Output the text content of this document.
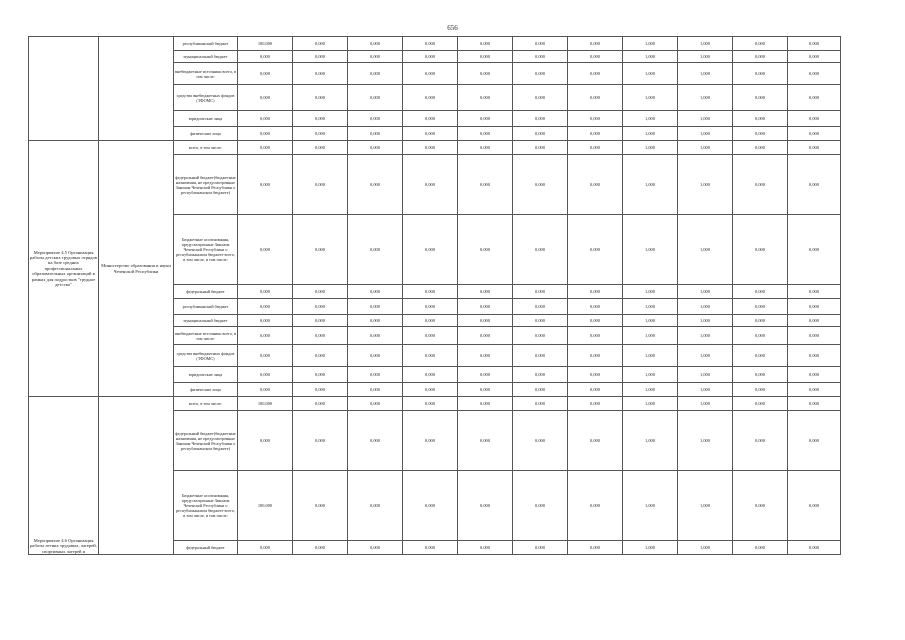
656
		республиканский бюджет	100,000	0,000	0,000	0,000	0,000	0,000	0,000	1,000	1,000	0,000	0,000
		муниципальный бюджет	0,000	0,000	0,000	0,000	0,000	0,000	0,000	1,000	1,000	0,000	0,000
		внебюджетные источники всего, в том числе:	0,000	0,000	0,000	0,000	0,000	0,000	0,000	1,000	1,000	0,000	0,000
		средства внебюджетных фондов (ТФОМС)	0,000	0,000	0,000	0,000	0,000	0,000	0,000	1,000	1,000	0,000	0,000
		юридические лица	0,000	0,000	0,000	0,000	0,000	0,000	0,000	1,000	1,000	0,000	0,000
		физические лица	0,000	0,000	0,000	0,000	0,000	0,000	0,000	1,000	1,000	0,000	0,000
Мероприятие 4.5 Организация работы детских трудовых отрядов на базе средних профессиональных образовательных организаций в рамках для подростков "трудное детство"	Министерство образования и науки Чеченской Республики	всего, в том числе:	0,000	0,000	0,000	0,000	0,000	0,000	0,000	1,000	1,000	0,000	0,000
		федеральный бюджет(бюджетные назначения, не предусмотренные Законом Чеченской Республики о республиканском бюджете)	0,000	0,000	0,000	0,000	0,000	0,000	0,000	1,000	1,000	0,000	0,000
		Бюджетные ассигнования, предусмотренные Законом Чеченской Республики о республиканском бюджете всего, в том числе, в том числе:	0,000	0,000	0,000	0,000	0,000	0,000	0,000	1,000	1,000	0,000	0,000
		федеральный бюджет	0,000	0,000	0,000	0,000	0,000	0,000	0,000	1,000	1,000	0,000	0,000
		республиканский бюджет	0,000	0,000	0,000	0,000	0,000	0,000	0,000	1,000	1,000	0,000	0,000
		муниципальный бюджет	0,000	0,000	0,000	0,000	0,000	0,000	0,000	1,000	1,000	0,000	0,000
		внебюджетные источники всего, в том числе:	0,000	0,000	0,000	0,000	0,000	0,000	0,000	1,000	1,000	0,000	0,000
		средства внебюджетных фондов (ТФОМС)	0,000	0,000	0,000	0,000	0,000	0,000	0,000	1,000	1,000	0,000	0,000
		юридические лица	0,000	0,000	0,000	0,000	0,000	0,000	0,000	1,000	1,000	0,000	0,000
		физические лица	0,000	0,000	0,000	0,000	0,000	0,000	0,000	1,000	1,000	0,000	0,000
Мероприятие 4.6 Организация работы летних трудовых, лагерей, спортивных лагерей и		всего, в том числе:	100,000	0,000	0,000	0,000	0,000	0,000	0,000	1,000	1,000	0,000	0,000
		федеральный бюджет(бюджетные назначения, не предусмотренные Законом Чеченской Республики о республиканском бюджете)	0,000	0,000	0,000	0,000	0,000	0,000	0,000	1,000	1,000	0,000	0,000
		Бюджетные ассигнования, предусмотренные Законом Чеченской Республики о республиканском бюджете всего, в том числе, в том числе:	100,000	0,000	0,000	0,000	0,000	0,000	0,000	1,000	1,000	0,000	0,000
		федеральный бюджет	0,000	0,000	0,000	0,000	0,000	0,000	0,000	1,000	1,000	0,000	0,000
